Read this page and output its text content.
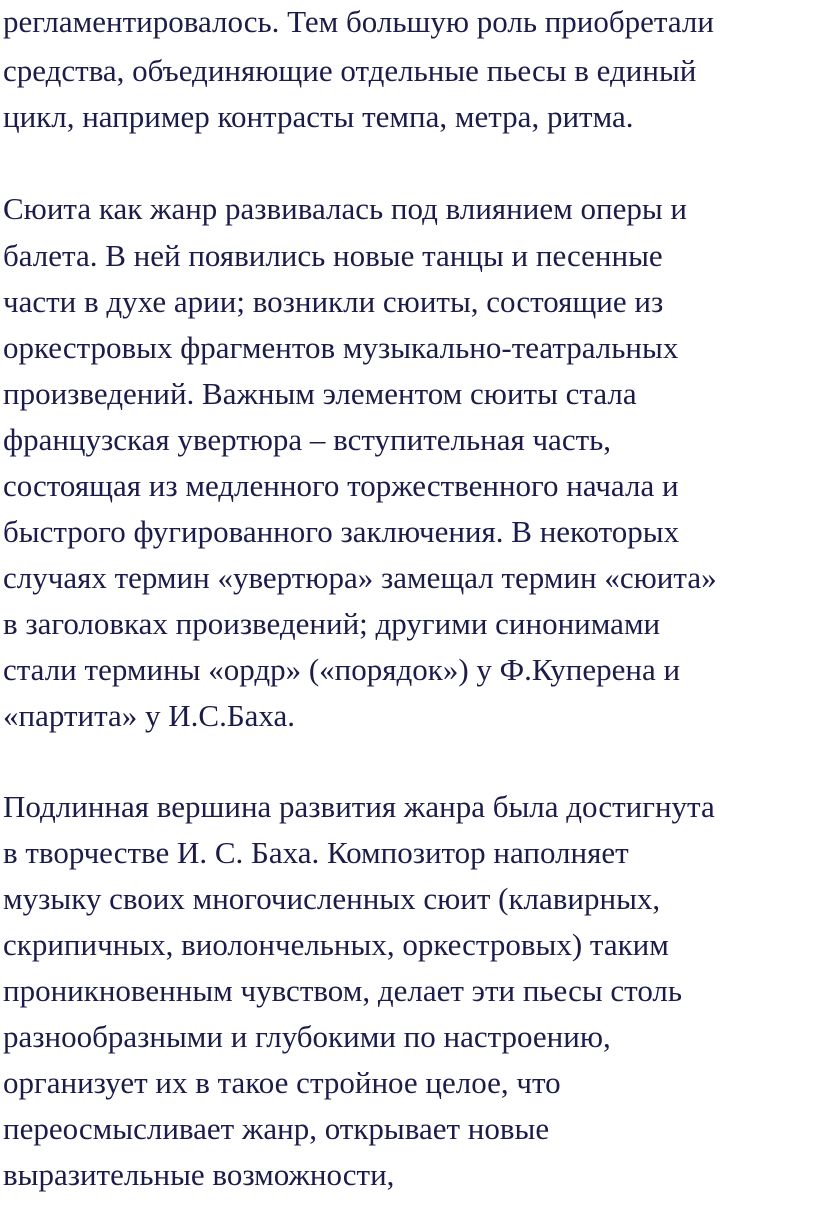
регламентировалось. Тем большую роль приобретали
средства, объединяющие отдельные пьесы в единый
цикл, например контрасты темпа, метра, ритма.
Сюита как жанр развивалась под влиянием оперы и
балета. В ней появились новые танцы и песенные
части в духе арии; возникли сюиты, состоящие из
оркестровых фрагментов музыкально-театральных
произведений. Важным элементом сюиты стала
французская увертюра – вступительная часть,
состоящая из медленного торжественного начала и
быстрого фугированного заключения. В некоторых
случаях термин «увертюра» замещал термин «сюита»
в заголовках произведений; другими синонимами
стали термины «ордр» («порядок») у Ф.Куперена и
«партита» у И.С.Баха.
Подлинная вершина развития жанра была достигнута
в творчестве И. С. Баха. Композитор наполняет
музыку своих многочисленных сюит (клавирных,
скрипичных, виолончельных, оркестровых) таким
проникновенным чувством, делает эти пьесы столь
разнообразными и глубокими по настроению,
организует их в такое стройное целое, что
переосмысливает жанр, открывает новые
выразительные возможности,
